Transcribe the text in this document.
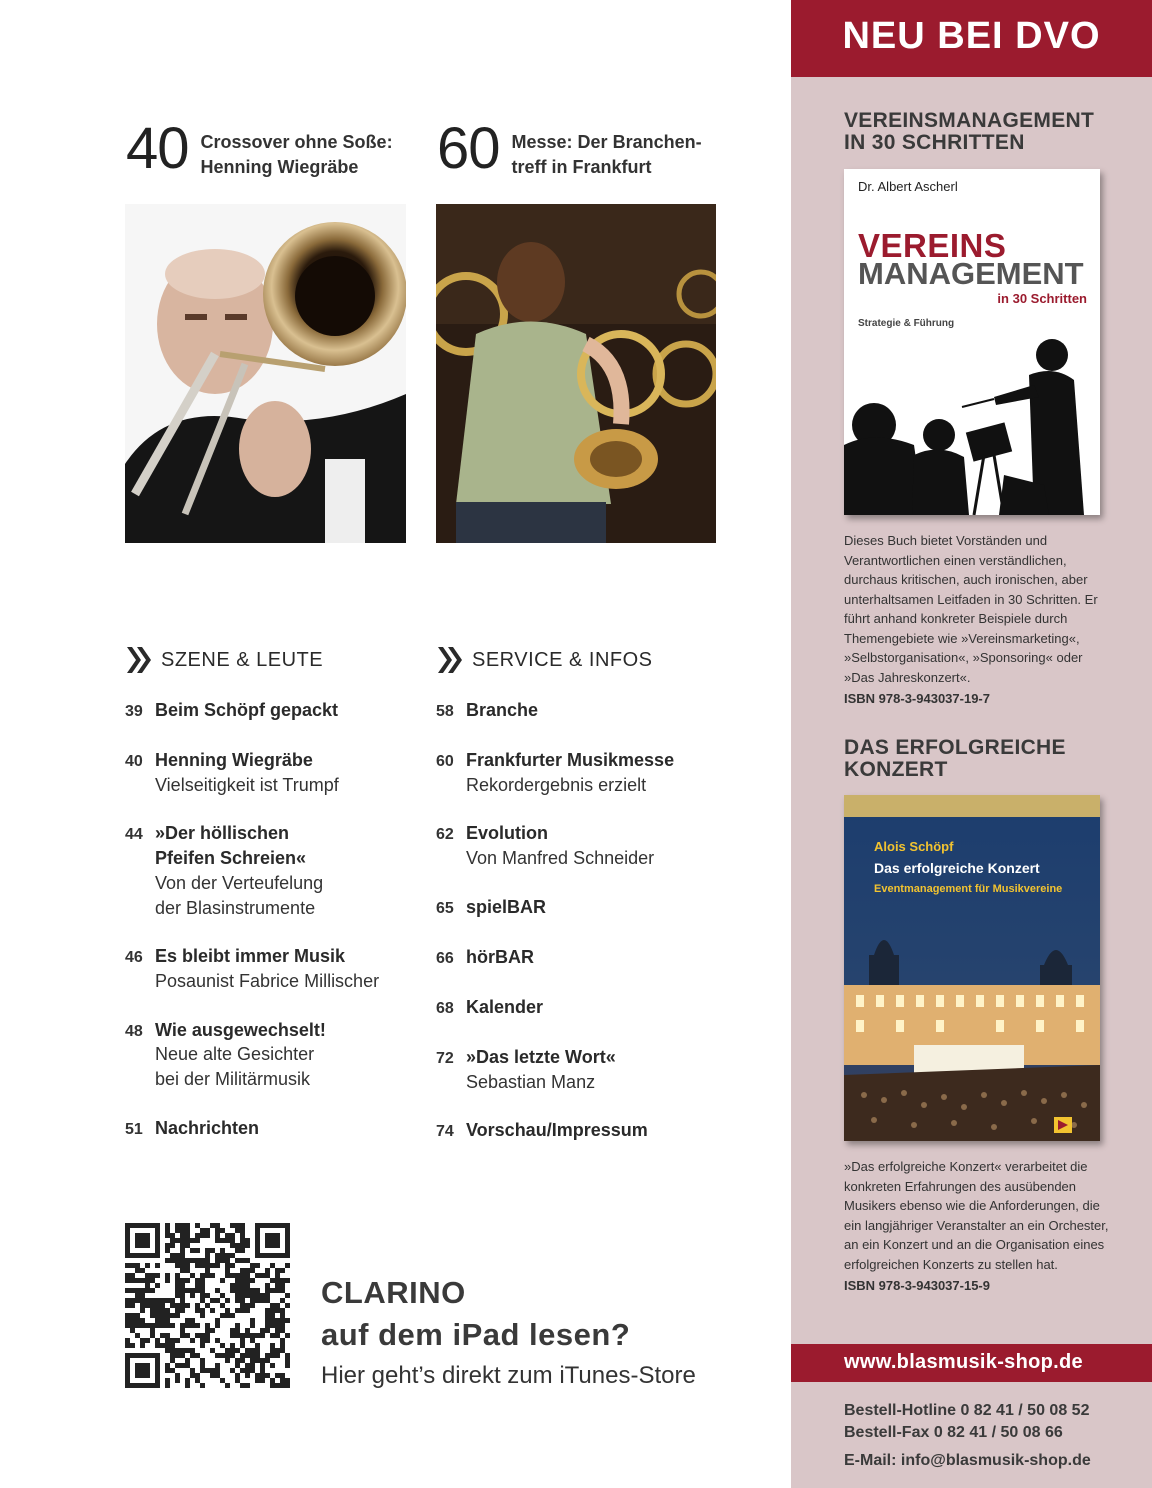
40 Crossover ohne Soße:
Henning Wiegräbe	60 Messe: Der Branchen-
treff in Frankfurt
SZENE & LEUTE	SERVICE & INFOS
39 Beim Schöpf gepackt
40 Henning Wiegräbe
Vielseitigkeit ist Trumpf
44 »Der höllischen
Pfeifen Schreien«
Von der Verteufelung
der Blasinstrumente
46 Es bleibt immer Musik
Posaunist Fabrice Millischer
48 Wie ausgewechselt!
Neue alte Gesichter
bei der Militärmusik
51 Nachrichten
58 Branche
60 Frankfurter Musikmesse
Rekordergebnis erzielt
62 Evolution
Von Manfred Schneider
65 spielBAR
66 hörBAR
68 Kalender
72 »Das letzte Wort«
Sebastian Manz
74 Vorschau/Impressum
CLARINO
auf dem iPad lesen?
Hier geht’s direkt zum iTunes-Store
NEU BEI DVO
VEREINSMANAGEMENT
IN 30 SCHRITTEN
Dr. Albert Ascherl
VEREINS
MANAGEMENT
in 30 Schritten
Strategie & Führung
Dieses Buch bietet Vorständen und Verantwortlichen einen verständlichen, durchaus kritischen, auch ironischen, aber unterhaltsamen Leitfaden in 30 Schritten. Er führt anhand konkreter Beispiele durch Themengebiete wie »Vereinsmarketing«, »Selbstorganisation«, »Sponsoring« oder »Das Jahreskonzert«.
ISBN 978-3-943037-19-7
DAS ERFOLGREICHE
KONZERT
Alois Schöpf
Das erfolgreiche Konzert
Eventmanagement für Musikvereine
»Das erfolgreiche Konzert« verarbeitet die konkreten Erfahrungen des ausübenden Musikers ebenso wie die Anforderungen, die ein langjähriger Veranstalter an ein Orchester, an ein Konzert und an die Organisation eines erfolgreichen Konzerts zu stellen hat.
ISBN 978-3-943037-15-9
www.blasmusik-shop.de
Bestell-Hotline 0 82 41 / 50 08 52
Bestell-Fax 0 82 41 / 50 08 66
E-Mail: info@blasmusik-shop.de
